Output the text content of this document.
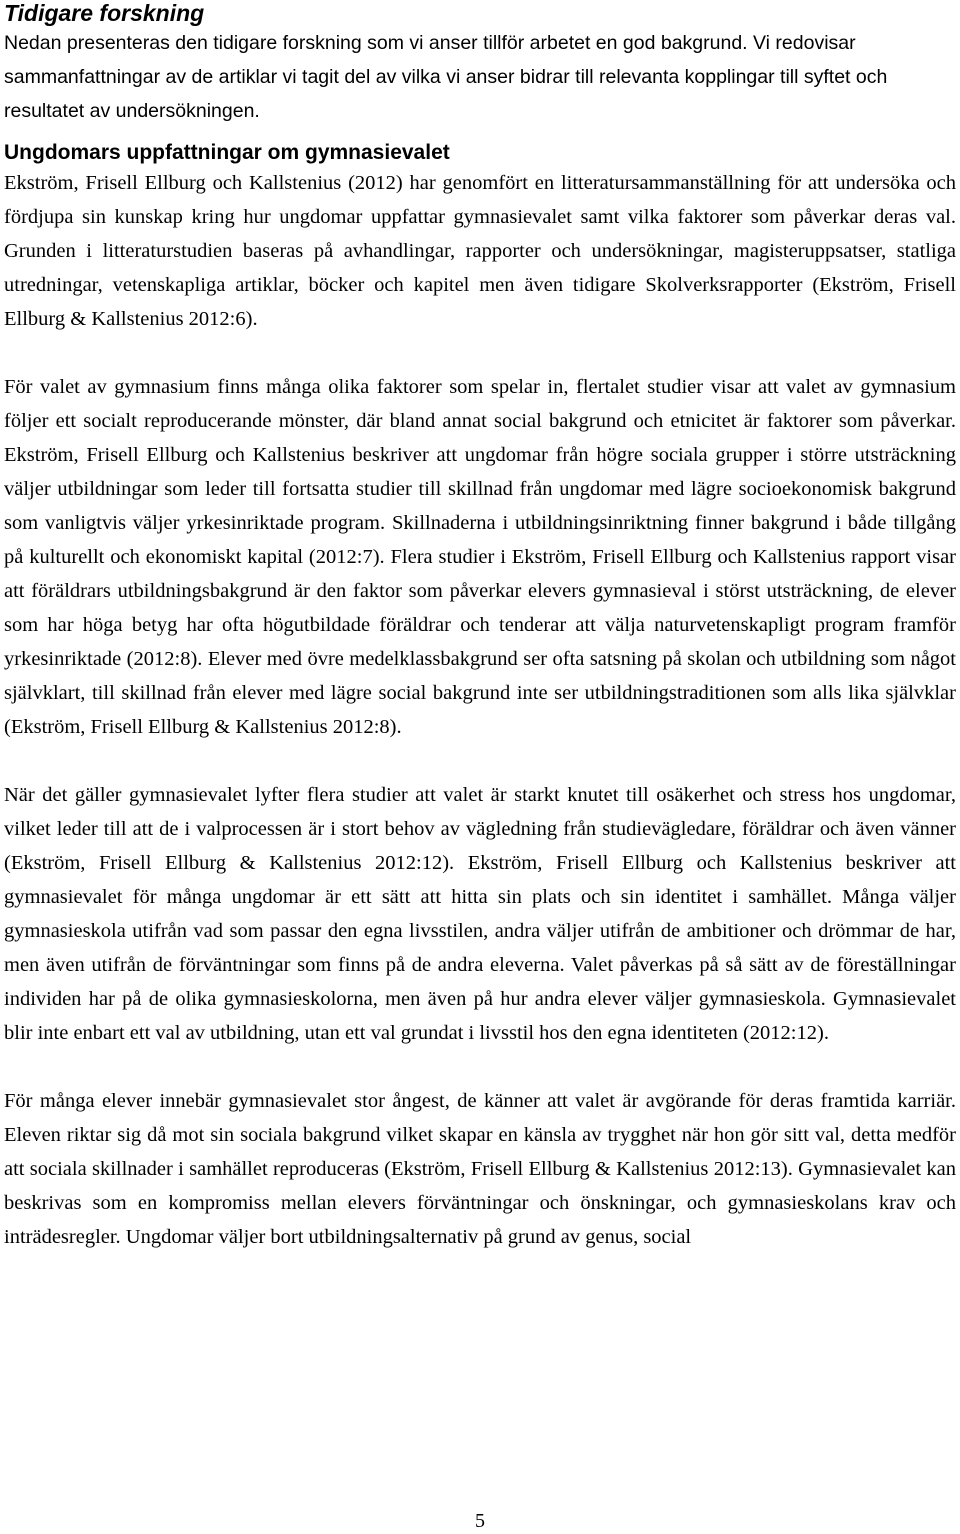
Tidigare forskning

Nedan presenteras den tidigare forskning som vi anser tillför arbetet en god bakgrund. Vi redovisar sammanfattningar av de artiklar vi tagit del av vilka vi anser bidrar till relevanta kopplingar till syftet och resultatet av undersökningen.

Ungdomars uppfattningar om gymnasievalet

Ekström, Frisell Ellburg och Kallstenius (2012) har genomfört en litteratursammanställning för att undersöka och fördjupa sin kunskap kring hur ungdomar uppfattar gymnasievalet samt vilka faktorer som påverkar deras val. Grunden i litteraturstudien baseras på avhandlingar, rapporter och undersökningar, magisteruppsatser, statliga utredningar, vetenskapliga artiklar, böcker och kapitel men även tidigare Skolverksrapporter (Ekström, Frisell Ellburg & Kallstenius 2012:6).

För valet av gymnasium finns många olika faktorer som spelar in, flertalet studier visar att valet av gymnasium följer ett socialt reproducerande mönster, där bland annat social bakgrund och etnicitet är faktorer som påverkar. Ekström, Frisell Ellburg och Kallstenius beskriver att ungdomar från högre sociala grupper i större utsträckning väljer utbildningar som leder till fortsatta studier till skillnad från ungdomar med lägre socioekonomisk bakgrund som vanligtvis väljer yrkesinriktade program. Skillnaderna i utbildningsinriktning finner bakgrund i både tillgång på kulturellt och ekonomiskt kapital (2012:7). Flera studier i Ekström, Frisell Ellburg och Kallstenius rapport visar att föräldrars utbildningsbakgrund är den faktor som påverkar elevers gymnasieval i störst utsträckning, de elever som har höga betyg har ofta högutbildade föräldrar och tenderar att välja naturvetenskapligt program framför yrkesinriktade (2012:8). Elever med övre medelklassbakgrund ser ofta satsning på skolan och utbildning som något självklart, till skillnad från elever med lägre social bakgrund inte ser utbildningstraditionen som alls lika självklar (Ekström, Frisell Ellburg & Kallstenius 2012:8).

När det gäller gymnasievalet lyfter flera studier att valet är starkt knutet till osäkerhet och stress hos ungdomar, vilket leder till att de i valprocessen är i stort behov av vägledning från studievägledare, föräldrar och även vänner (Ekström, Frisell Ellburg & Kallstenius 2012:12). Ekström, Frisell Ellburg och Kallstenius beskriver att gymnasievalet för många ungdomar är ett sätt att hitta sin plats och sin identitet i samhället. Många väljer gymnasieskola utifrån vad som passar den egna livsstilen, andra väljer utifrån de ambitioner och drömmar de har, men även utifrån de förväntningar som finns på de andra eleverna. Valet påverkas på så sätt av de föreställningar individen har på de olika gymnasieskolorna, men även på hur andra elever väljer gymnasieskola. Gymnasievalet blir inte enbart ett val av utbildning, utan ett val grundat i livsstil hos den egna identiteten (2012:12).

För många elever innebär gymnasievalet stor ångest, de känner att valet är avgörande för deras framtida karriär. Eleven riktar sig då mot sin sociala bakgrund vilket skapar en känsla av trygghet när hon gör sitt val, detta medför att sociala skillnader i samhället reproduceras (Ekström, Frisell Ellburg & Kallstenius 2012:13). Gymnasievalet kan beskrivas som en kompromiss mellan elevers förväntningar och önskningar, och gymnasieskolans krav och inträdesregler. Ungdomar väljer bort utbildningsalternativ på grund av genus, social

5
